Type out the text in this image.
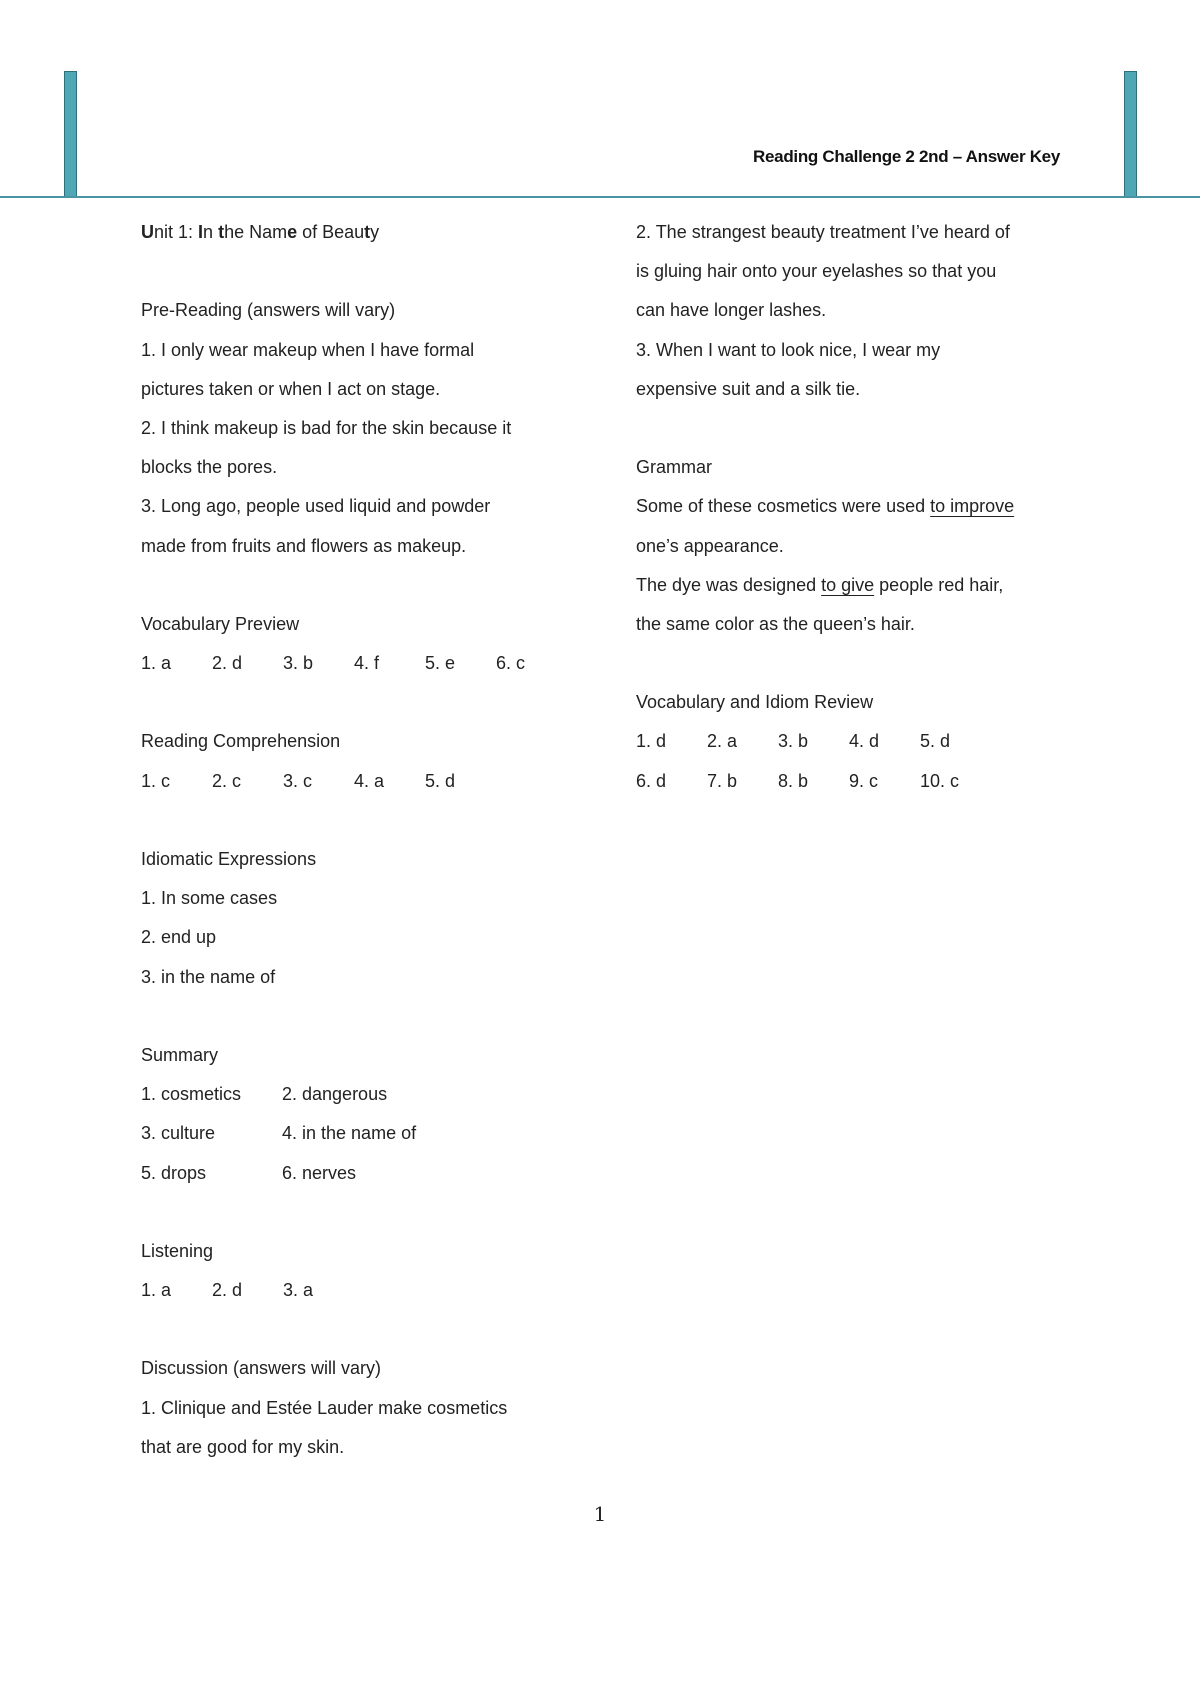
Reading Challenge 2 2nd – Answer Key
Unit 1: In the Name of Beauty
Pre-Reading (answers will vary)
1. I only wear makeup when I have formal
pictures taken or when I act on stage.
2. I think makeup is bad for the skin because it
blocks the pores.
3. Long ago, people used liquid and powder
made from fruits and flowers as makeup.
Vocabulary Preview
1. a	2. d	3. b	4. f	5. e	6. c
Reading Comprehension
1. c	2. c	3. c	4. a	5. d
Idiomatic Expressions
1. In some cases
2. end up
3. in the name of
Summary
1. cosmetics	2. dangerous
3. culture	4. in the name of
5. drops	6. nerves
Listening
1. a	2. d	3. a
Discussion (answers will vary)
1. Clinique and Estée Lauder make cosmetics
that are good for my skin.
2. The strangest beauty treatment I’ve heard of
is gluing hair onto your eyelashes so that you
can have longer lashes.
3. When I want to look nice, I wear my
expensive suit and a silk tie.
Grammar
Some of these cosmetics were used to improve
one’s appearance.
The dye was designed to give people red hair,
the same color as the queen’s hair.
Vocabulary and Idiom Review
1. d	2. a	3. b	4. d	5. d
6. d	7. b	8. b	9. c	10. c
1
